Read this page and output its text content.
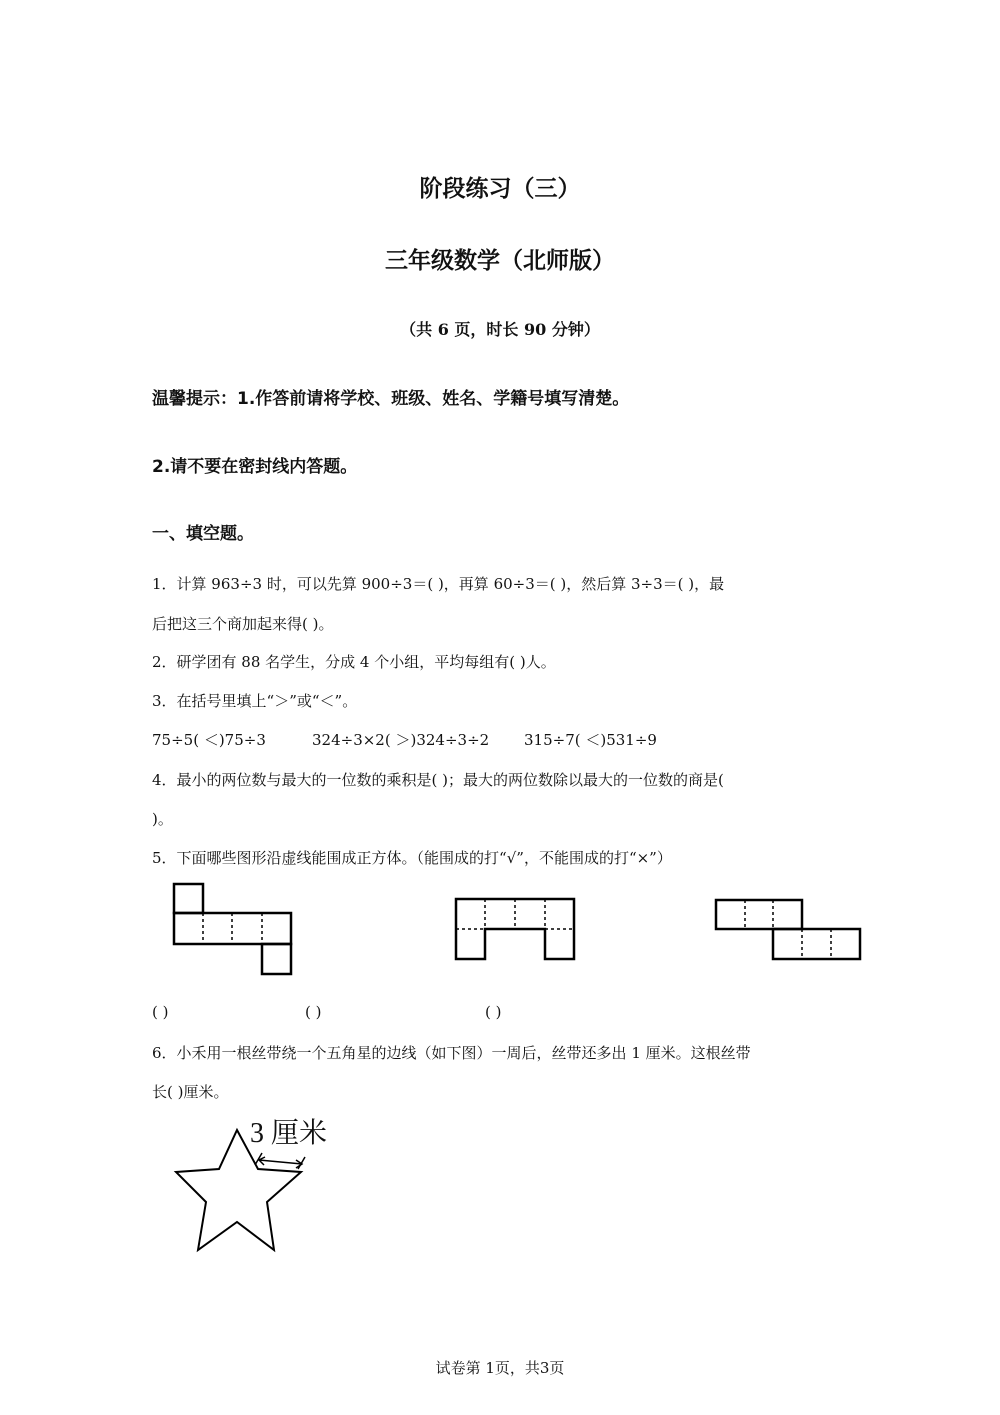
阶段练习（三）
三年级数学（北师版）
（共 6 页，时长 90 分钟）
温馨提示：1.作答前请将学校、班级、姓名、学籍号填写清楚。
2.请不要在密封线内答题。
一、填空题。
1．计算 963÷3 时，可以先算 900÷3＝( )，再算 60÷3＝( )，然后算 3÷3＝( )，最
后把这三个商加起来得( )。
2．研学团有 88 名学生，分成 4 个小组，平均每组有( )人。
3．在括号里填上“＞”或“＜”。
75÷5( ＜)75÷3	324÷3×2( ＞)324÷3÷2 315÷7( ＜)531÷9
4．最小的两位数与最大的一位数的乘积是( )；最大的两位数除以最大的一位数的商是(
)。
5．下面哪些图形沿虚线能围成正方体。（能围成的打“√”，不能围成的打“×”）
( )	( )	( )
6．小禾用一根丝带绕一个五角星的边线（如下图）一周后，丝带还多出 1 厘米。这根丝带
长( )厘米。
3 厘米
试卷第 1页，共3页
